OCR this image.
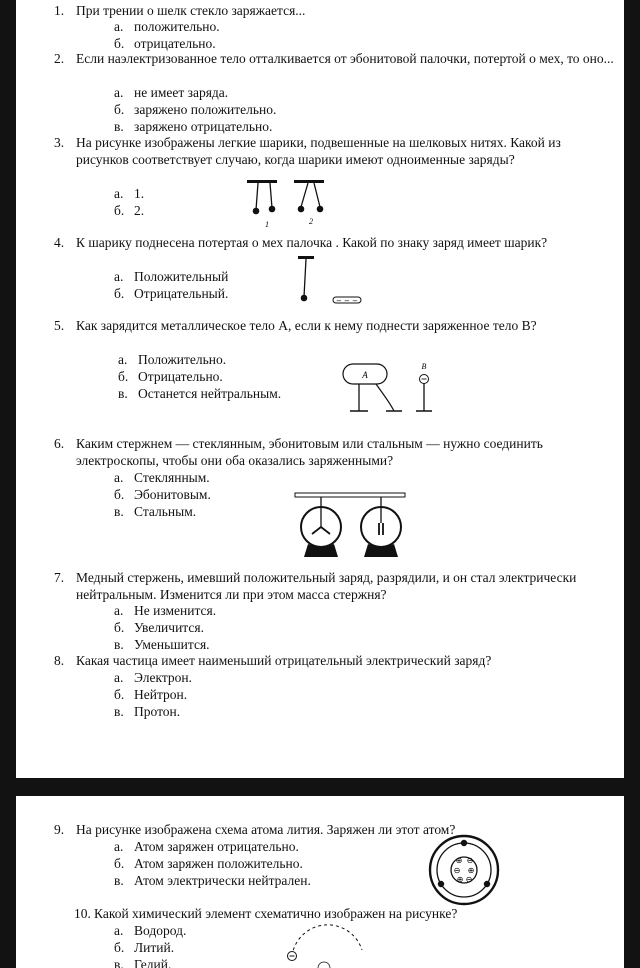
1. При трении о шелк стекло заряжается...
а. положительно.
б. отрицательно.
2. Если наэлектризованное тело отталкивается от эбонитовой палочки, потертой о мех, то оно...
а. не имеет заряда.
б. заряжено положительно.
в. заряжено отрицательно.
3. На рисунке изображены легкие шарики, подвешенные на шелковых нитях. Какой из рисунков соответствует случаю, когда шарики имеют одноименные заряды?
а. 1.
б. 2.
1	2
4. К шарику поднесена потертая о мех палочка . Какой по знаку заряд имеет шарик?
а. Положительный
б. Отрицательный.	− − −
5. Как зарядится металлическое тело А, если к нему поднести заряженное тело В?
а. Положительно.
б. Отрицательно.
в. Останется нейтральным.
A
B
6. Каким стержнем — стеклянным, эбонитовым или стальным — нужно соединить электроскопы, чтобы они оба оказались заряженными?
а. Стеклянным.
б. Эбонитовым.
в. Стальным.
7. Медный стержень, имевший положительный заряд, разрядили, и он стал электрически нейтральным. Изменится ли при этом масса стержня?
а. Не изменится.
б. Увеличится.
в. Уменьшится.
8. Какая частица имеет наименьший отрицательный электрический заряд?
а. Электрон.
б. Нейтрон.
в. Протон.
9. На рисунке изображена схема атома лития. Заряжен ли этот атом?
а. Атом заряжен отрицательно.
б. Атом заряжен положительно.
в. Атом электрически нейтрален.
⊕ ⊖
⊖ ⊕
⊕ ⊖
10. Какой химический элемент схематично изображен на рисунке?
а. Водород.
б. Литий.
в. Гелий.
